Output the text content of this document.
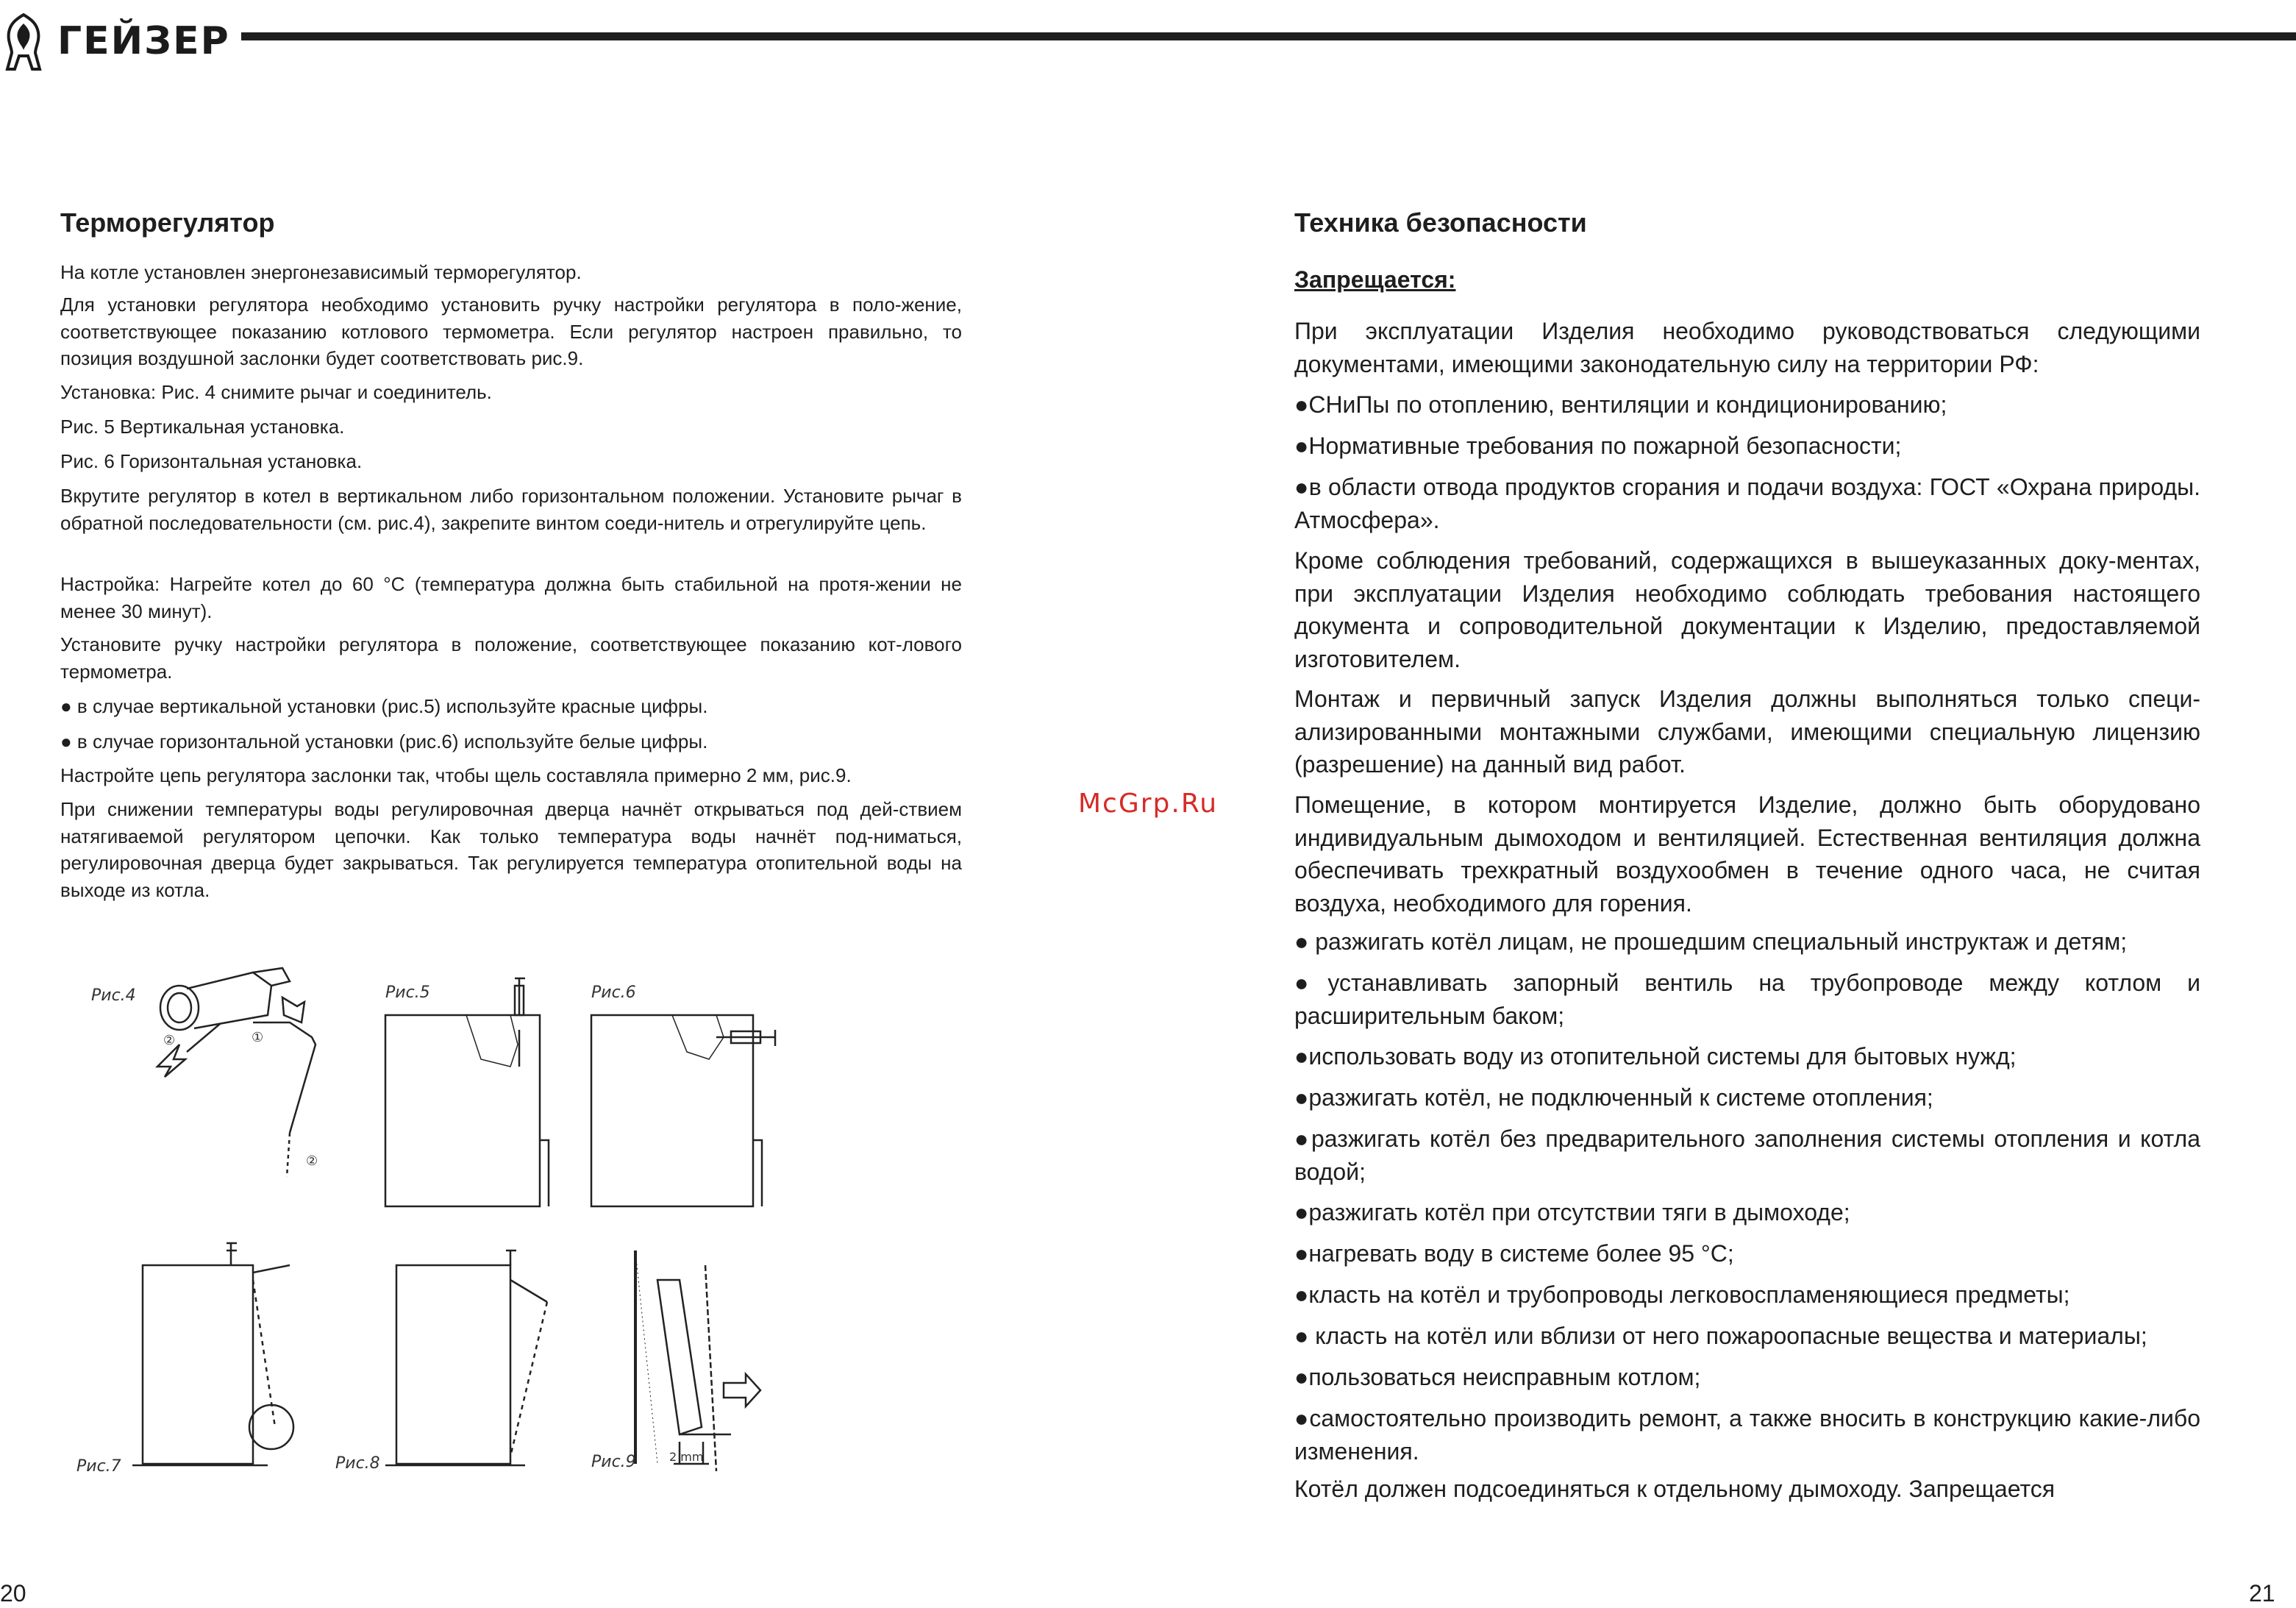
ГЕЙЗЕР
Терморегулятор

На котле установлен энергонезависимый терморегулятор.

Для установки регулятора необходимо установить ручку настройки регулятора в поло-жение, соответствующее показанию котлового термометра. Если регулятор настроен правильно, то позиция воздушной заслонки будет соответствовать рис.9.

Установка: Рис. 4 снимите рычаг и соединитель.

Рис. 5 Вертикальная установка.

Рис. 6 Горизонтальная установка.

Вкрутите регулятор в котел в вертикальном либо горизонтальном положении. Установите рычаг в обратной последовательности (см. рис.4), закрепите винтом соеди-нитель и отрегулируйте цепь.

Настройка: Нагрейте котел до 60 °C (температура должна быть стабильной на протя-жении не менее 30 минут).

Установите ручку настройки регулятора в положение, соответствующее показанию кот-лового термометра.

● в случае вертикальной установки (рис.5) используйте красные цифры.

● в случае горизонтальной установки (рис.6) используйте белые цифры.

Настройте цепь регулятора заслонки так, чтобы щель составляла примерно 2 мм, рис.9.

При снижении температуры воды регулировочная дверца начнёт открываться под дей-ствием натягиваемой регулятором цепочки. Как только температура воды начнёт под-ниматься, регулировочная дверца будет закрываться. Так регулируется температура отопительной воды на выходе из котла.

Рис.4	Рис.5	Рис.6
Рис.7	Рис.8	Рис.9	2 mm
②	①
②
McGrp.Ru
Техника безопасности
Запрещается:

При эксплуатации Изделия необходимо руководствоваться следующими документами, имеющими законодательную силу на территории РФ:

●СНиПы по отоплению, вентиляции и кондиционированию;

●Нормативные требования по пожарной безопасности;

●в области отвода продуктов сгорания и подачи воздуха: ГОСТ «Охрана природы. Атмосфера».

Кроме соблюдения требований, содержащихся в вышеуказанных доку-ментах, при эксплуатации Изделия необходимо соблюдать требования настоящего документа и сопроводительной документации к Изделию, предоставляемой изготовителем.

Монтаж и первичный запуск Изделия должны выполняться только специ-ализированными монтажными службами, имеющими специальную лицензию (разрешение) на данный вид работ.

Помещение, в котором монтируется Изделие, должно быть оборудовано индивидуальным дымоходом и вентиляцией. Естественная вентиляция должна обеспечивать трехкратный воздухообмен в течение одного часа, не считая воздуха, необходимого для горения.

● разжигать котёл лицам, не прошедшим специальный инструктаж и детям;

●устанавливать запорный вентиль на трубопроводе между котлом и расширительным баком;

●использовать воду из отопительной системы для бытовых нужд;

●разжигать котёл, не подключенный к системе отопления;

●разжигать котёл без предварительного заполнения системы отопления и котла водой;

●разжигать котёл при отсутствии тяги в дымоходе;

●нагревать воду в системе более 95 °C;

●класть на котёл и трубопроводы легковоспламеняющиеся предметы;

● класть на котёл или вблизи от него пожароопасные вещества и материалы;

●пользоваться неисправным котлом;

●самостоятельно производить ремонт, а также вносить в конструкцию какие-либо изменения.

Котёл должен подсоединяться к отдельному дымоходу. Запрещается

20	21
